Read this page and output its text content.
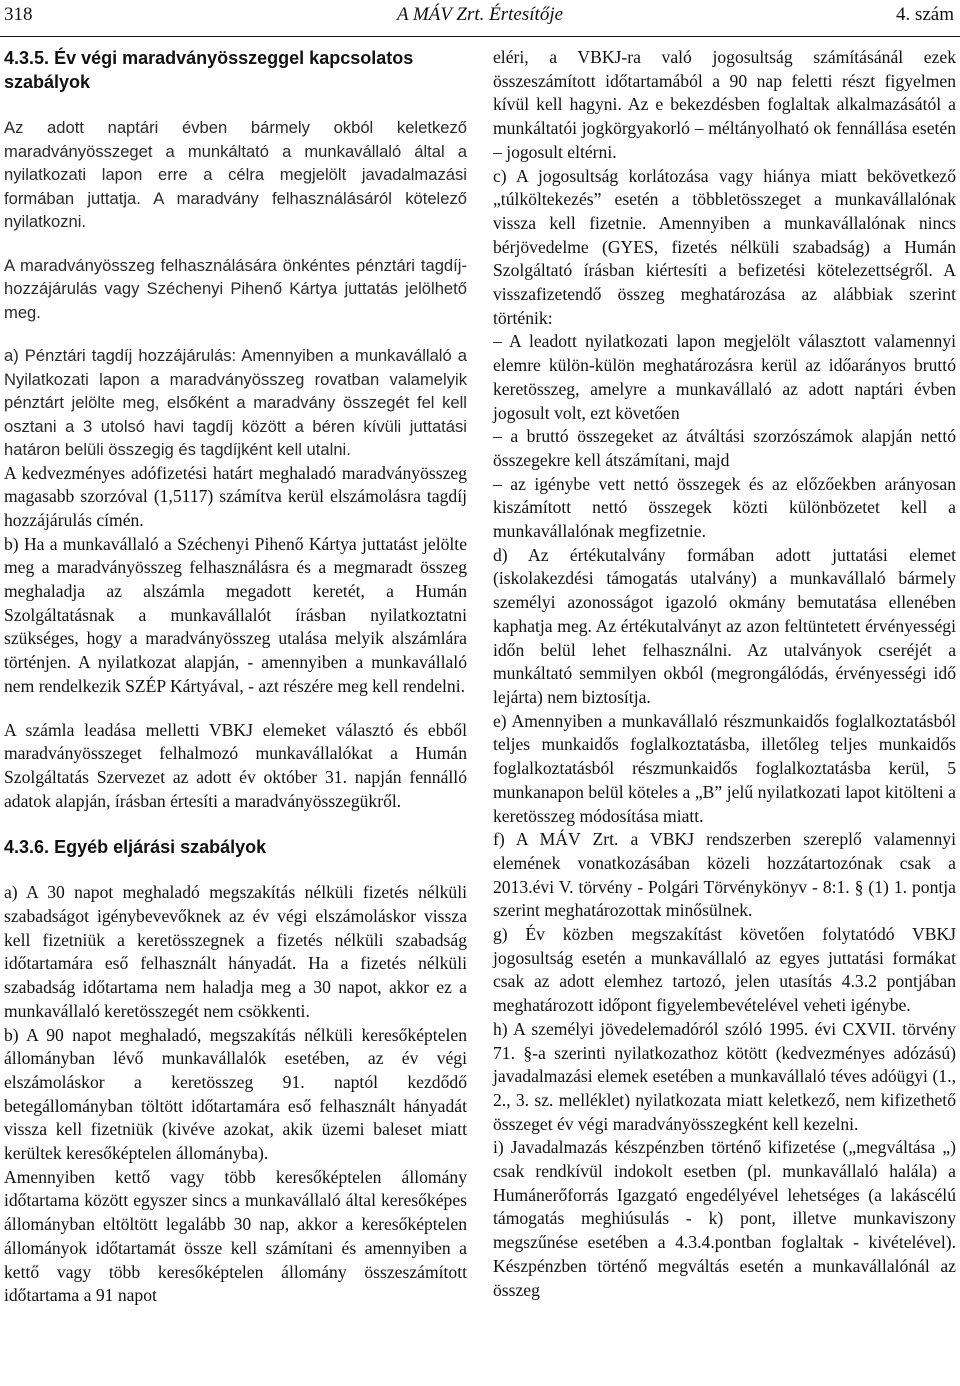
318	A MÁV Zrt. Értesítője	4. szám
4.3.5. Év végi maradványösszeggel kapcsolatos szabályok

Az adott naptári évben bármely okból keletkező maradványösszeget a munkáltató a munkavállaló által a nyilatkozati lapon erre a célra megjelölt javadalmazási formában juttatja. A maradvány felhasználásáról kötelező nyilatkozni.

A maradványösszeg felhasználására önkéntes pénztári tagdíj-hozzájárulás vagy Széchenyi Pihenő Kártya juttatás jelölhető meg.

a) Pénztári tagdíj hozzájárulás: Amennyiben a munkavállaló a Nyilatkozati lapon a maradványösszeg rovatban valamelyik pénztárt jelölte meg, elsőként a maradvány összegét fel kell osztani a 3 utolsó havi tagdíj között a béren kívüli juttatási határon belüli összegig és tagdíjként kell utalni.

A kedvezményes adófizetési határt meghaladó maradványösszeg magasabb szorzóval (1,5117) számítva kerül elszámolásra tagdíj hozzájárulás címén.

b) Ha a munkavállaló a Széchenyi Pihenő Kártya juttatást jelölte meg a maradványösszeg felhasználásra és a megmaradt összeg meghaladja az alszámla megadott keretét, a Humán Szolgáltatásnak a munkavállalót írásban nyilatkoztatni szükséges, hogy a maradványösszeg utalása melyik alszámlára történjen. A nyilatkozat alapján, - amennyiben a munkavállaló nem rendelkezik SZÉP Kártyával, - azt részére meg kell rendelni.

A számla leadása melletti VBKJ elemeket választó és ebből maradványösszeget felhalmozó munkavállalókat a Humán Szolgáltatás Szervezet az adott év október 31. napján fennálló adatok alapján, írásban értesíti a maradványösszegükről.

4.3.6. Egyéb eljárási szabályok

a) A 30 napot meghaladó megszakítás nélküli fizetés nélküli szabadságot igénybevevőknek az év végi elszámoláskor vissza kell fizetniük a keretösszegnek a fizetés nélküli szabadság időtartamára eső felhasznált hányadát. Ha a fizetés nélküli szabadság időtartama nem haladja meg a 30 napot, akkor ez a munkavállaló keretösszegét nem csökkenti.

b) A 90 napot meghaladó, megszakítás nélküli keresőképtelen állományban lévő munkavállalók esetében, az év végi elszámoláskor a keretösszeg 91. naptól kezdődő betegállományban töltött időtartamára eső felhasznált hányadát vissza kell fizetniük (kivéve azokat, akik üzemi baleset miatt kerültek keresőképtelen állományba).

Amennyiben kettő vagy több keresőképtelen állomány időtartama között egyszer sincs a munkavállaló által keresőképes állományban eltöltött legalább 30 nap, akkor a keresőképtelen állományok időtartamát össze kell számítani és amennyiben a kettő vagy több keresőképtelen állomány összeszámított időtartama a 91 napot

eléri, a VBKJ-ra való jogosultság számításánál ezek összeszámított időtartamából a 90 nap feletti részt figyelmen kívül kell hagyni. Az e bekezdésben foglaltak alkalmazásától a munkáltatói jogkörgyakorló – méltányolható ok fennállása esetén – jogosult eltérni.

c) A jogosultság korlátozása vagy hiánya miatt bekövetkező „túlköltekezés” esetén a többletösszeget a munkavállalónak vissza kell fizetnie. Amennyiben a munkavállalónak nincs bérjövedelme (GYES, fizetés nélküli szabadság) a Humán Szolgáltató írásban kiértesíti a befizetési kötelezettségről. A visszafizetendő összeg meghatározása az alábbiak szerint történik:

– A leadott nyilatkozati lapon megjelölt választott valamennyi elemre külön-külön meghatározásra kerül az időarányos bruttó keretösszeg, amelyre a munkavállaló az adott naptári évben jogosult volt, ezt követően

– a bruttó összegeket az átváltási szorzószámok alapján nettó összegekre kell átszámítani, majd

– az igénybe vett nettó összegek és az előzőekben arányosan kiszámított nettó összegek közti különbözetet kell a munkavállalónak megfizetnie.

d) Az értékutalvány formában adott juttatási elemet (iskolakezdési támogatás utalvány) a munkavállaló bármely személyi azonosságot igazoló okmány bemutatása ellenében kaphatja meg. Az értékutalványt az azon feltüntetett érvényességi időn belül lehet felhasználni. Az utalványok cseréjét a munkáltató semmilyen okból (megrongálódás, érvényességi idő lejárta) nem biztosítja.

e) Amennyiben a munkavállaló részmunkaidős foglalkoztatásból teljes munkaidős foglalkoztatásba, illetőleg teljes munkaidős foglalkoztatásból részmunkaidős foglalkoztatásba kerül, 5 munkanapon belül köteles a „B” jelű nyilatkozati lapot kitölteni a keretösszeg módosítása miatt.

f) A MÁV Zrt. a VBKJ rendszerben szereplő valamennyi elemének vonatkozásában közeli hozzátartozónak csak a 2013.évi V. törvény - Polgári Törvénykönyv - 8:1. § (1) 1. pontja szerint meghatározottak minősülnek.

g) Év közben megszakítást követően folytatódó VBKJ jogosultság esetén a munkavállaló az egyes juttatási formákat csak az adott elemhez tartozó, jelen utasítás 4.3.2 pontjában meghatározott időpont figyelembevételével veheti igénybe.

h) A személyi jövedelemadóról szóló 1995. évi CXVII. törvény 71. §-a szerinti nyilatkozathoz kötött (kedvezményes adózású) javadalmazási elemek esetében a munkavállaló téves adóügyi (1., 2., 3. sz. melléklet) nyilatkozata miatt keletkező, nem kifizethető összeget év végi maradványösszegként kell kezelni.

i) Javadalmazás készpénzben történő kifizetése („megváltása „) csak rendkívül indokolt esetben (pl. munkavállaló halála) a Humánerőforrás Igazgató engedélyével lehetséges (a lakáscélú támogatás meghiúsulás - k) pont, illetve munkaviszony megszűnése esetében a 4.3.4.pontban foglaltak - kivételével). Készpénzben történő megváltás esetén a munkavállalónál az összeg
